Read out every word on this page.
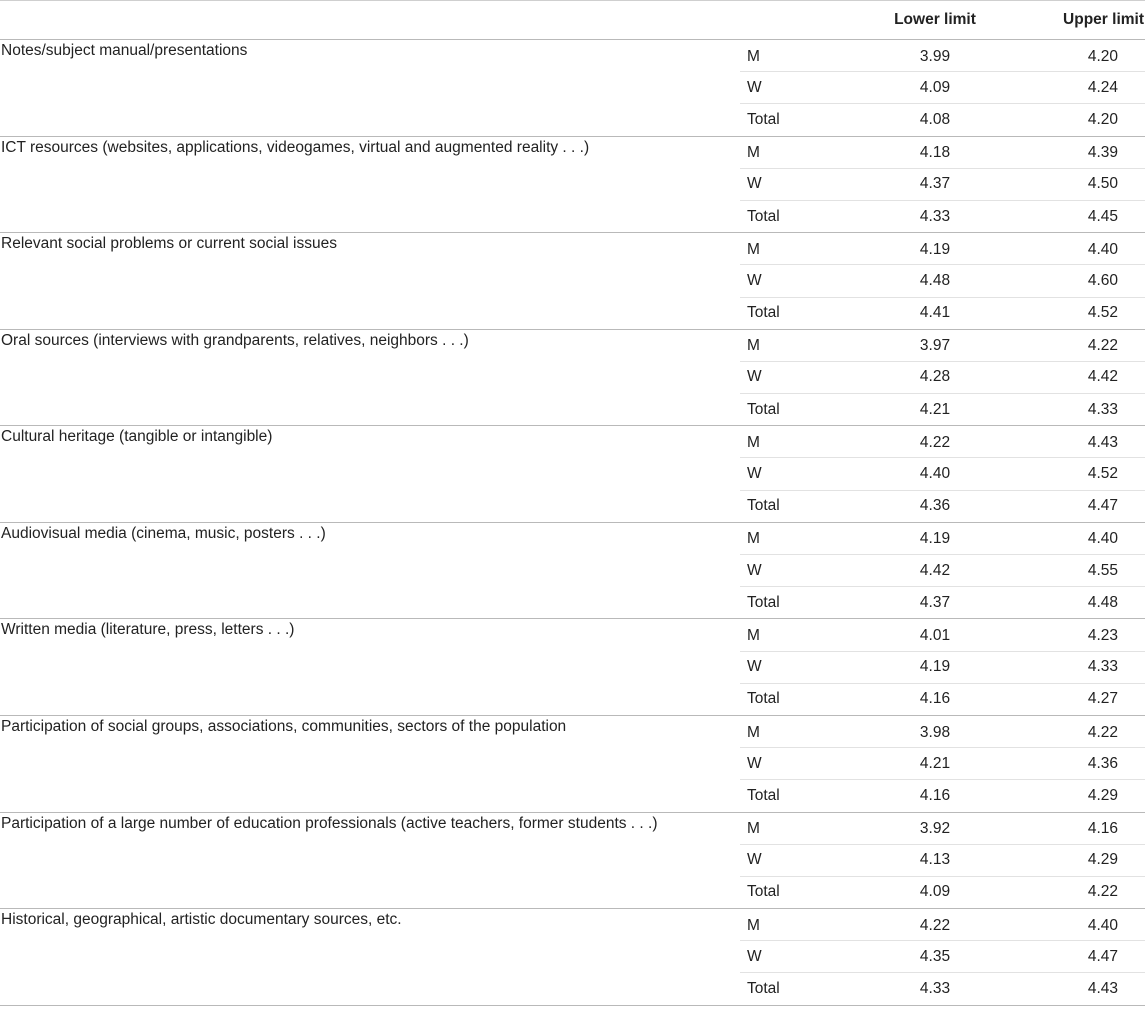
		Lower limit	Upper limit
Notes/subject manual/presentations	M	3.99	4.20
	W	4.09	4.24
	Total	4.08	4.20
ICT resources (websites, applications, videogames, virtual and augmented reality . . .)	M	4.18	4.39
	W	4.37	4.50
	Total	4.33	4.45
Relevant social problems or current social issues	M	4.19	4.40
	W	4.48	4.60
	Total	4.41	4.52
Oral sources (interviews with grandparents, relatives, neighbors . . .)	M	3.97	4.22
	W	4.28	4.42
	Total	4.21	4.33
Cultural heritage (tangible or intangible)	M	4.22	4.43
	W	4.40	4.52
	Total	4.36	4.47
Audiovisual media (cinema, music, posters . . .)	M	4.19	4.40
	W	4.42	4.55
	Total	4.37	4.48
Written media (literature, press, letters . . .)	M	4.01	4.23
	W	4.19	4.33
	Total	4.16	4.27
Participation of social groups, associations, communities, sectors of the population	M	3.98	4.22
	W	4.21	4.36
	Total	4.16	4.29
Participation of a large number of education professionals (active teachers, former students . . .)	M	3.92	4.16
	W	4.13	4.29
	Total	4.09	4.22
Historical, geographical, artistic documentary sources, etc.	M	4.22	4.40
	W	4.35	4.47
	Total	4.33	4.43
